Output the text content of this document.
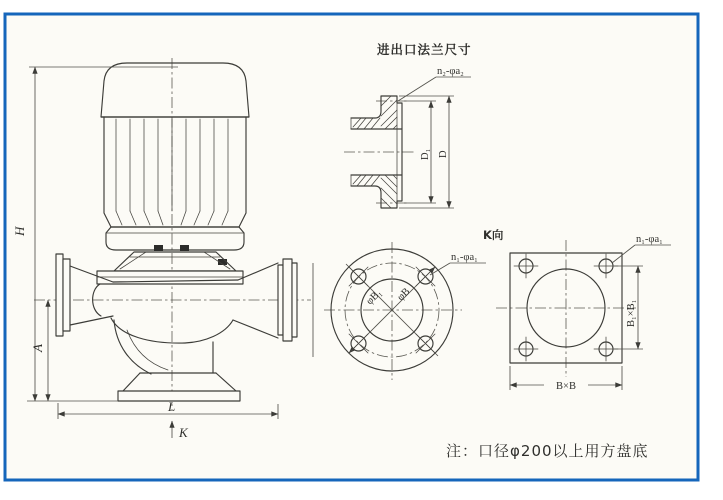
H
A
L
K
进出口法兰尺寸
D₁ D
n₂-φa₂
K向
φB₁ φB
n₁-φa₁
n₁-φa₁
B₁×B₁
B×B
注：口径φ200以上用方盘底
